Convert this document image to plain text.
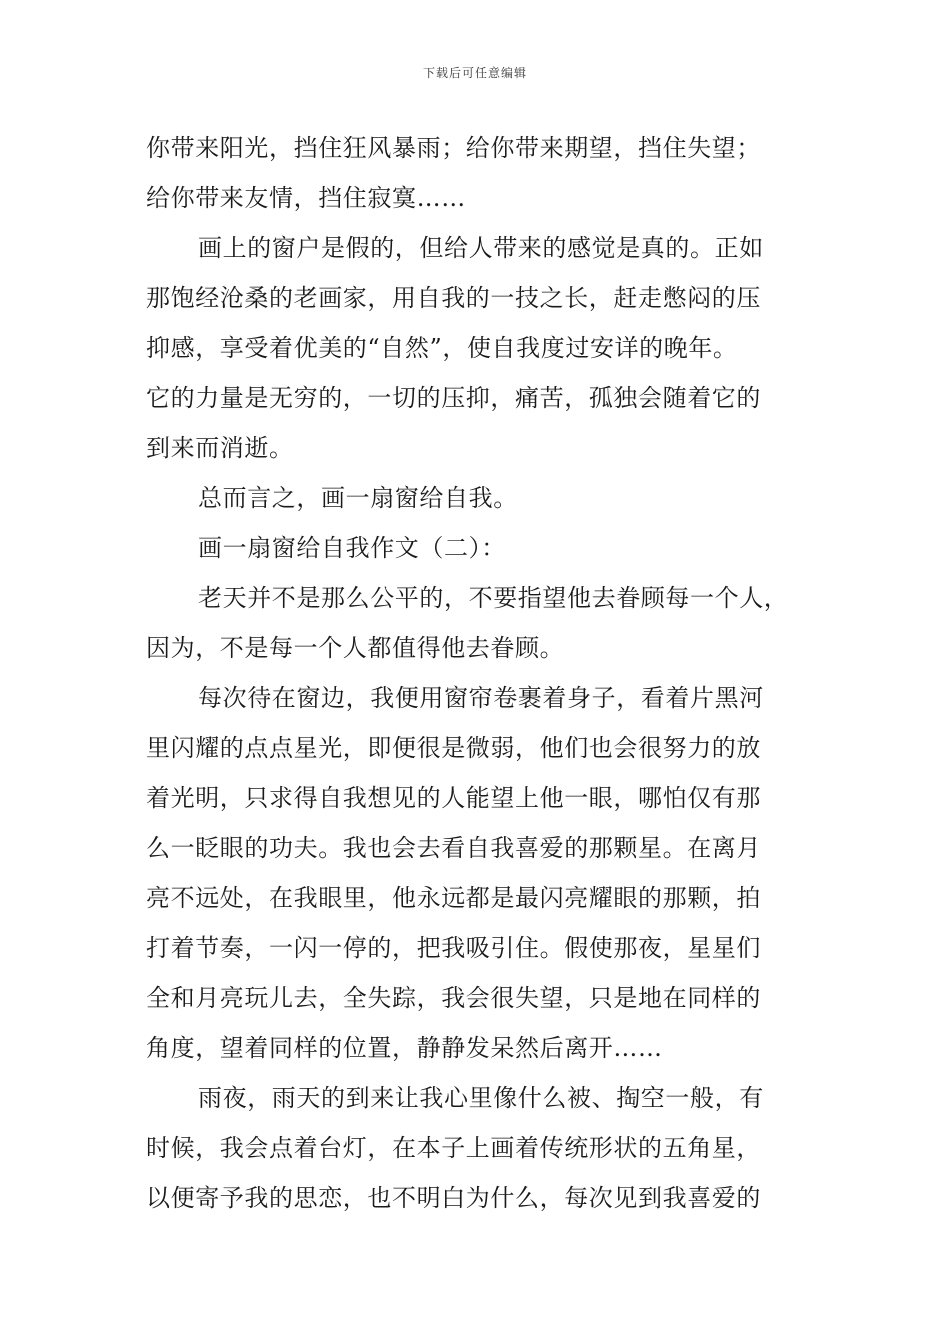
下载后可任意编辑
你带来阳光，挡住狂风暴雨；给你带来期望，挡住失望；
给你带来友情，挡住寂寞……
画上的窗户是假的，但给人带来的感觉是真的。正如
那饱经沧桑的老画家，用自我的一技之长，赶走憋闷的压
抑感，享受着优美的“自然”，使自我度过安详的晚年。
它的力量是无穷的，一切的压抑，痛苦，孤独会随着它的
到来而消逝。
总而言之，画一扇窗给自我。
画一扇窗给自我作文（二）：
老天并不是那么公平的，不要指望他去眷顾每一个人，
因为，不是每一个人都值得他去眷顾。
每次待在窗边，我便用窗帘卷裹着身子，看着片黑河
里闪耀的点点星光，即便很是微弱，他们也会很努力的放
着光明，只求得自我想见的人能望上他一眼，哪怕仅有那
么一眨眼的功夫。我也会去看自我喜爱的那颗星。在离月
亮不远处，在我眼里，他永远都是最闪亮耀眼的那颗，拍
打着节奏，一闪一停的，把我吸引住。假使那夜，星星们
全和月亮玩儿去，全失踪，我会很失望，只是地在同样的
角度，望着同样的位置，静静发呆然后离开……
雨夜，雨天的到来让我心里像什么被、掏空一般，有
时候，我会点着台灯，在本子上画着传统形状的五角星，
以便寄予我的思恋，也不明白为什么，每次见到我喜爱的
